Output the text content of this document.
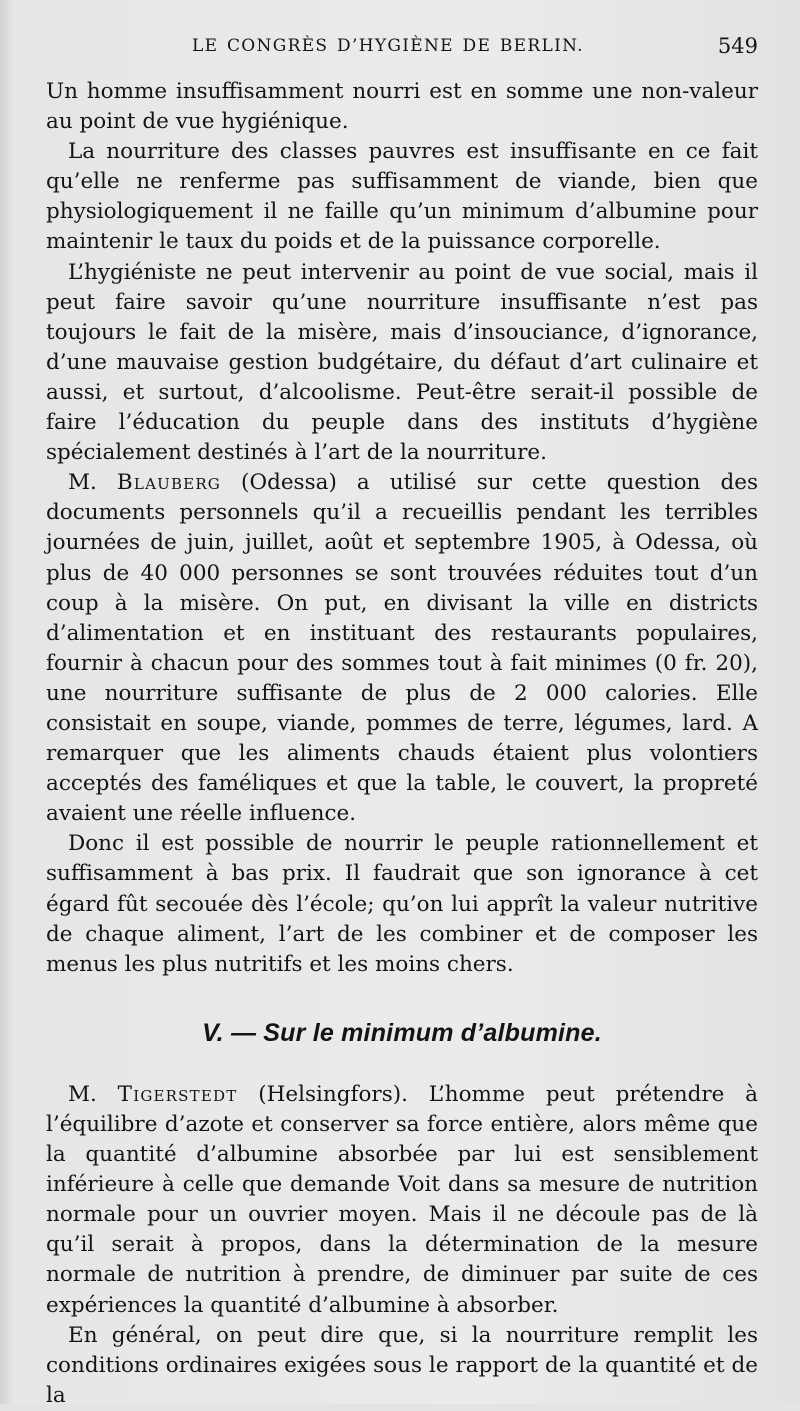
LE CONGRÈS D’HYGIÈNE DE BERLIN.	549

Un homme insuffisamment nourri est en somme une non-valeur au point de vue hygiénique.

La nourriture des classes pauvres est insuffisante en ce fait qu’elle ne renferme pas suffisamment de viande, bien que physiologiquement il ne faille qu’un minimum d’albumine pour maintenir le taux du poids et de la puissance corporelle.

L’hygiéniste ne peut intervenir au point de vue social, mais il peut faire savoir qu’une nourriture insuffisante n’est pas toujours le fait de la misère, mais d’insouciance, d’ignorance, d’une mauvaise gestion budgétaire, du défaut d’art culinaire et aussi, et surtout, d’alcoolisme. Peut-être serait-il possible de faire l’éducation du peuple dans des instituts d’hygiène spécialement destinés à l’art de la nourriture.

M. Blauberg (Odessa) a utilisé sur cette question des documents personnels qu’il a recueillis pendant les terribles journées de juin, juillet, août et septembre 1905, à Odessa, où plus de 40 000 personnes se sont trouvées réduites tout d’un coup à la misère. On put, en divisant la ville en districts d’alimentation et en instituant des restaurants populaires, fournir à chacun pour des sommes tout à fait minimes (0 fr. 20), une nourriture suffisante de plus de 2 000 calories. Elle consistait en soupe, viande, pommes de terre, légumes, lard. A remarquer que les aliments chauds étaient plus volontiers acceptés des faméliques et que la table, le couvert, la propreté avaient une réelle influence.

Donc il est possible de nourrir le peuple rationnellement et suffisamment à bas prix. Il faudrait que son ignorance à cet égard fût secouée dès l’école; qu’on lui apprît la valeur nutritive de chaque aliment, l’art de les combiner et de composer les menus les plus nutritifs et les moins chers.

V. — Sur le minimum d’albumine.

M. Tigerstedt (Helsingfors). L’homme peut prétendre à l’équilibre d’azote et conserver sa force entière, alors même que la quantité d’albumine absorbée par lui est sensiblement inférieure à celle que demande Voit dans sa mesure de nutrition normale pour un ouvrier moyen. Mais il ne découle pas de là qu’il serait à propos, dans la détermination de la mesure normale de nutrition à prendre, de diminuer par suite de ces expériences la quantité d’albumine à absorber.

En général, on peut dire que, si la nourriture remplit les conditions ordinaires exigées sous le rapport de la quantité et de la
